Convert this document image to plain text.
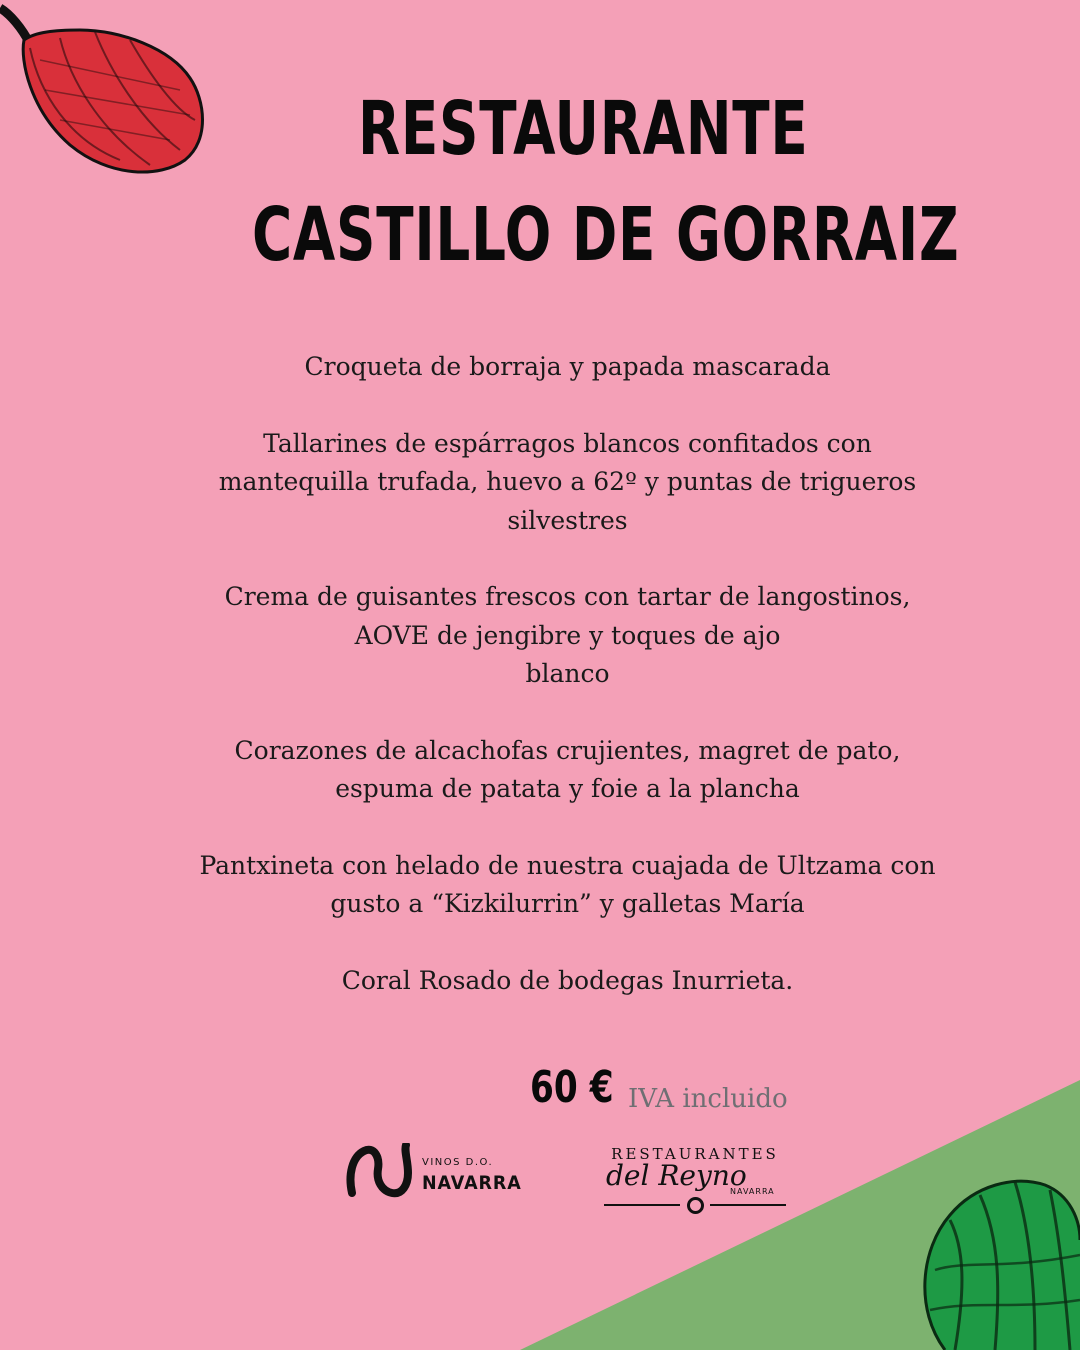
RESTAURANTE
CASTILLO DE GORRAIZ

Croqueta de borraja y papada mascarada

Tallarines de espárragos blancos confitados con
mantequilla trufada, huevo a 62º y puntas de trigueros
silvestres

Crema de guisantes frescos con tartar de langostinos,
AOVE de jengibre y toques de ajo
blanco

Corazones de alcachofas crujientes, magret de pato,
espuma de patata y foie a la plancha

Pantxineta con helado de nuestra cuajada de Ultzama con
gusto a “Kizkilurrin” y galletas María

Coral Rosado de bodegas Inurrieta.

60 € IVA incluido
VINOS D.O.
NAVARRA
RESTAURANTES
del Reyno
NAVARRA
